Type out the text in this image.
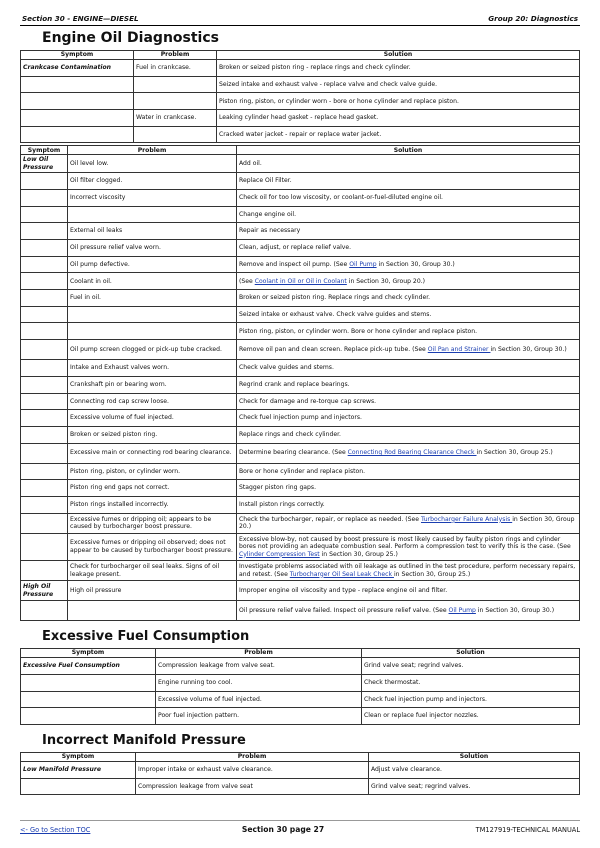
Section 30 - ENGINE—DIESEL	Group 20: Diagnostics
Engine Oil Diagnostics
Symptom	Problem	Solution
Crankcase Contamination	Fuel in crankcase.	Broken or seized piston ring - replace rings and check cylinder.
		Seized intake and exhaust valve - replace valve and check valve guide.
		Piston ring, piston, or cylinder worn - bore or hone cylinder and replace piston.
	Water in crankcase.	Leaking cylinder head gasket - replace head gasket.
		Cracked water jacket - repair or replace water jacket.
Symptom	Problem	Solution
Low Oil Pressure	Oil level low.	Add oil.
	Oil filter clogged.	Replace Oil Filter.
	Incorrect viscosity	Check oil for too low viscosity, or coolant-or-fuel-diluted engine oil.
		Change engine oil.
	External oil leaks	Repair as necessary
	Oil pressure relief valve worn.	Clean, adjust, or replace relief valve.
	Oil pump defective.	Remove and inspect oil pump. (See Oil Pump in Section 30, Group 30.)
	Coolant in oil.	(See Coolant in Oil or Oil in Coolant in Section 30, Group 20.)
	Fuel in oil.	Broken or seized piston ring. Replace rings and check cylinder.
		Seized intake or exhaust valve. Check valve guides and stems.
		Piston ring, piston, or cylinder worn. Bore or hone cylinder and replace piston.
	Oil pump screen clogged or pick-up tube cracked.	Remove oil pan and clean screen. Replace pick-up tube. (See Oil Pan and Strainer in Section 30, Group 30.)
	Intake and Exhaust valves worn.	Check valve guides and stems.
	Crankshaft pin or bearing worn.	Regrind crank and replace bearings.
	Connecting rod cap screw loose.	Check for damage and re-torque cap screws.
	Excessive volume of fuel injected.	Check fuel injection pump and injectors.
	Broken or seized piston ring.	Replace rings and check cylinder.
	Excessive main or connecting rod bearing clearance.	Determine bearing clearance. (See Connecting Rod Bearing Clearance Check in Section 30, Group 25.)
	Piston ring, piston, or cylinder worn.	Bore or hone cylinder and replace piston.
	Piston ring end gaps not correct.	Stagger piston ring gaps.
	Piston rings installed incorrectly.	Install piston rings correctly.
	Excessive fumes or dripping oil; appears to be caused by turbocharger boost pressure.	Check the turbocharger, repair, or replace as needed. (See Turbocharger Failure Analysis in Section 30, Group 20.)
	Excessive fumes or dripping oil observed; does not appear to be caused by turbocharger boost pressure.	Excessive blow-by, not caused by boost pressure is most likely caused by faulty piston rings and cylinder bores not providing an adequate combustion seal. Perform a compression test to verify this is the case. (See Cylinder Compression Test in Section 30, Group 25.)
	Check for turbocharger oil seal leaks. Signs of oil leakage present.	Investigate problems associated with oil leakage as outlined in the test procedure, perform necessary repairs, and retest. (See Turbocharger Oil Seal Leak Check in Section 30, Group 25.)
High Oil Pressure	High oil pressure	Improper engine oil viscosity and type - replace engine oil and filter.
		Oil pressure relief valve failed. Inspect oil pressure relief valve. (See Oil Pump in Section 30, Group 30.)
Excessive Fuel Consumption
Symptom	Problem	Solution
Excessive Fuel Consumption	Compression leakage from valve seat.	Grind valve seat; regrind valves.
	Engine running too cool.	Check thermostat.
	Excessive volume of fuel injected.	Check fuel injection pump and injectors.
	Poor fuel injection pattern.	Clean or replace fuel injector nozzles.
Incorrect Manifold Pressure
Symptom	Problem	Solution
Low Manifold Pressure	Improper intake or exhaust valve clearance.	Adjust valve clearance.
	Compression leakage from valve seat	Grind valve seat; regrind valves.
<- Go to Section TOC	Section 30 page 27	TM127919-TECHNICAL MANUAL
